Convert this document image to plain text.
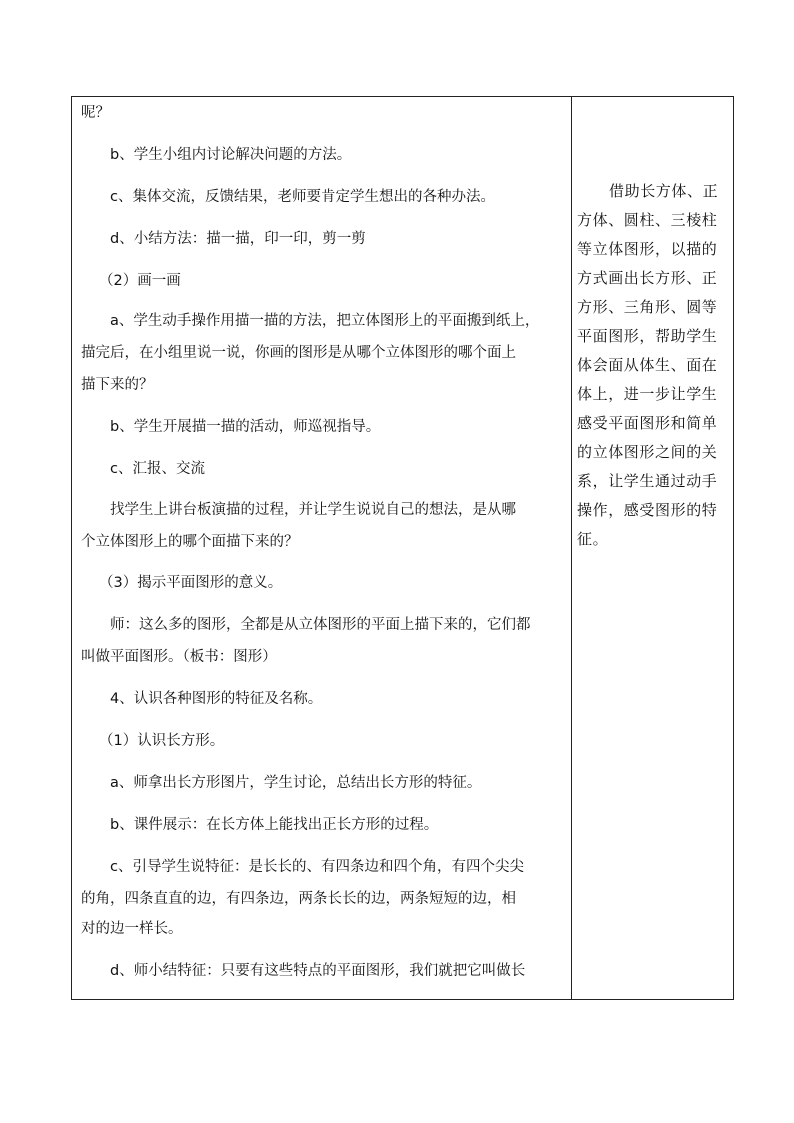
呢？
b、学生小组内讨论解决问题的方法。
c、集体交流，反馈结果，老师要肯定学生想出的各种办法。
d、小结方法：描一描，印一印，剪一剪
（2）画一画
a、学生动手操作用描一描的方法，把立体图形上的平面搬到纸上，
描完后，在小组里说一说，你画的图形是从哪个立体图形的哪个面上
描下来的？
b、学生开展描一描的活动，师巡视指导。
c、汇报、交流
找学生上讲台板演描的过程，并让学生说说自己的想法，是从哪
个立体图形上的哪个面描下来的？
（3）揭示平面图形的意义。
师：这么多的图形，全都是从立体图形的平面上描下来的，它们都
叫做平面图形。（板书：图形）
4、认识各种图形的特征及名称。
（1）认识长方形。
a、师拿出长方形图片，学生讨论，总结出长方形的特征。
b、课件展示：在长方体上能找出正长方形的过程。
c、引导学生说特征：是长长的、有四条边和四个角，有四个尖尖
的角，四条直直的边，有四条边，两条长长的边，两条短短的边，相
对的边一样长。
d、师小结特征：只要有这些特点的平面图形，我们就把它叫做长
借助长方体、正
方体、圆柱、三棱柱
等立体图形，以描的
方式画出长方形、正
方形、三角形、圆等
平面图形，帮助学生
体会面从体生、面在
体上，进一步让学生
感受平面图形和简单
的立体图形之间的关
系，让学生通过动手
操作，感受图形的特
征。
